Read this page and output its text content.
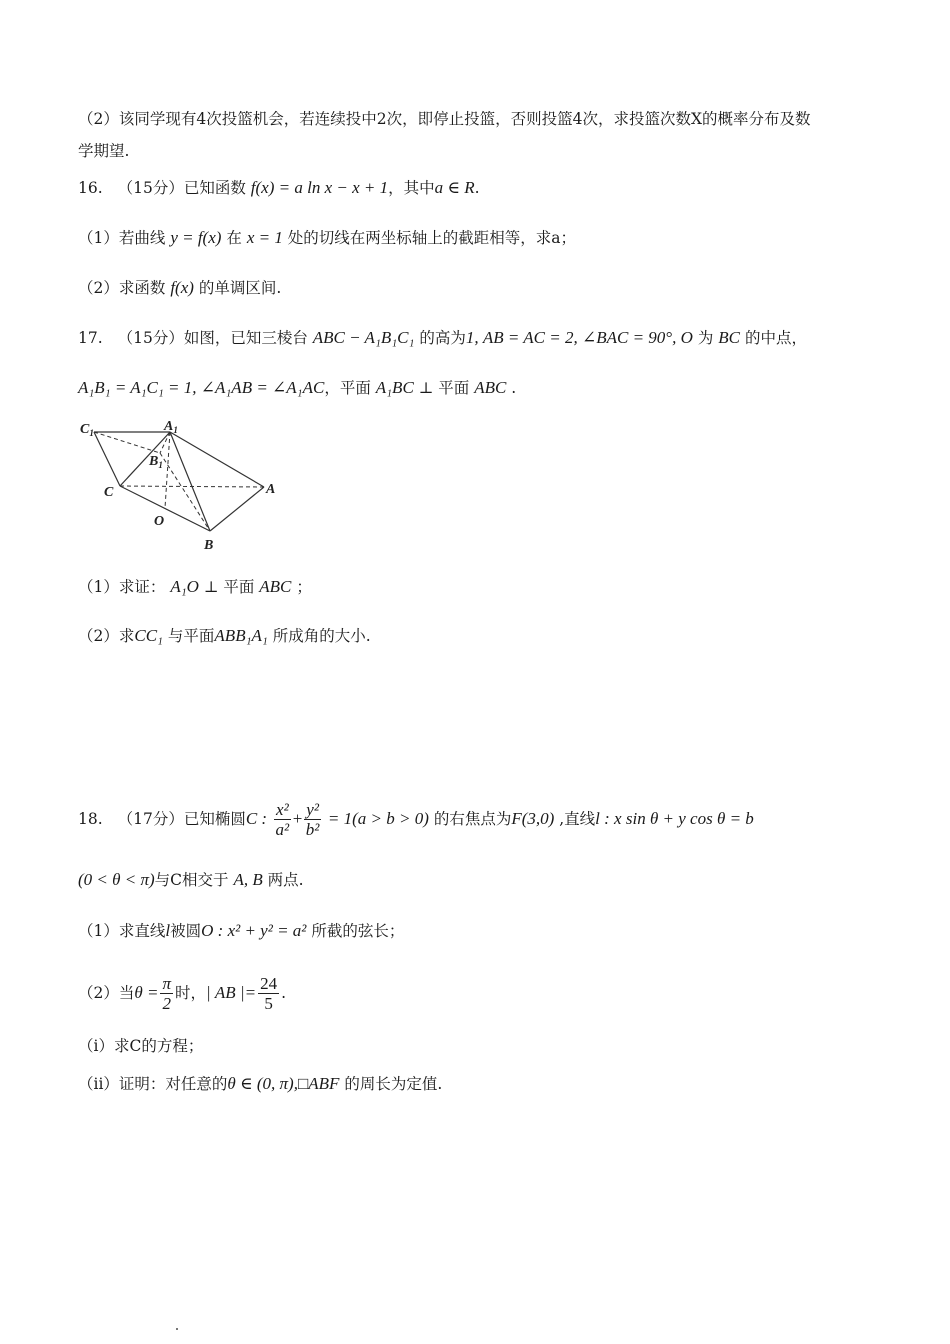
（2）该同学现有4次投篮机会，若连续投中2次，即停止投篮，否则投篮4次，求投篮次数X的概率分布及数
学期望.
16. （15分）已知函数 f(x) = a ln x − x + 1，其中a ∈ R.
（1）若曲线 y = f(x) 在 x = 1 处的切线在两坐标轴上的截距相等，求a；
（2）求函数 f(x) 的单调区间.
17. （15分）如图，已知三棱台 ABC − A₁B₁C₁ 的高为1, AB = AC = 2, ∠BAC = 90°, O 为 BC 的中点，
A₁B₁ = A₁C₁ = 1, ∠A₁AB = ∠A₁AC，平面 A₁BC ⊥ 平面 ABC .
$C_1$	$A_1$
$B_1$
C	A
O
B
（1）求证： A₁O ⊥ 平面 ABC ；
（2）求CC₁ 与平面ABB₁A₁ 所成角的大小.
18. （17分）已知椭圆C : $\frac{\text{x²}}{\text{a²}} + \frac{\text{y²}}{\text{b²}} = 1(a > b > 0)$ 的右焦点为F(3,0) ,直线l : x sin θ + y cos θ = b
(0 < θ < π)与C相交于 A, B 两点.
（1）求直线l被圆O : x² + y² = a² 所截的弦长；
（2）当$\theta = \frac{\pi}{2}$ 时，| AB |= $\frac{24}{5}$ .
（i）求C的方程；
（ii）证明：对任意的θ ∈ (0, π),□ABF 的周长为定值.
